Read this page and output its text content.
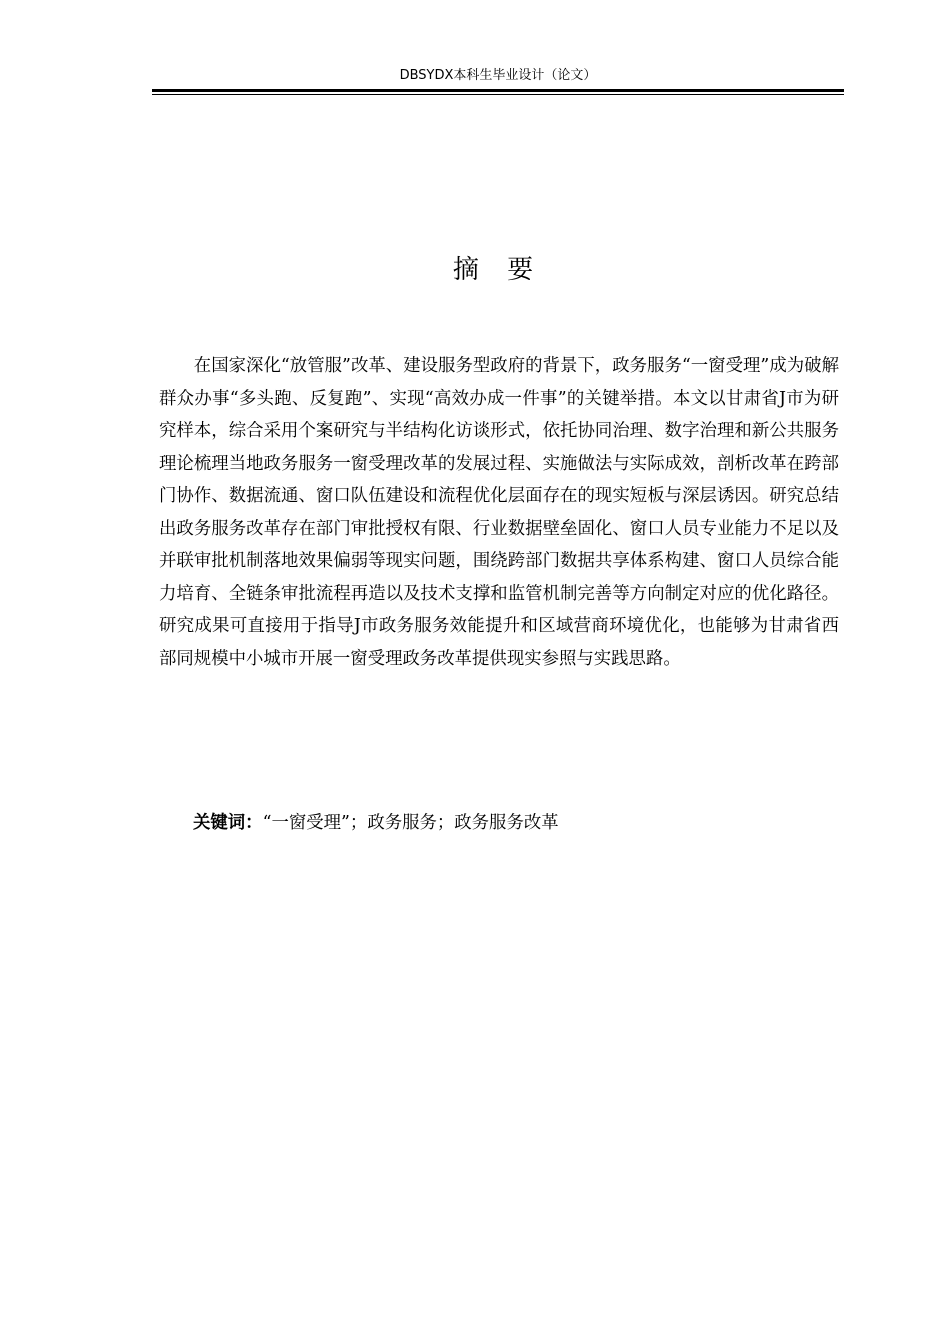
DBSYDX本科生毕业设计（论文）
摘 要

在国家深化“放管服”改革、建设服务型政府的背景下，政务服务“一窗受理”成为破解群众办事“多头跑、反复跑”、实现“高效办成一件事”的关键举措。本文以甘肃省J市为研究样本，综合采用个案研究与半结构化访谈形式，依托协同治理、数字治理和新公共服务理论梳理当地政务服务一窗受理改革的发展过程、实施做法与实际成效，剖析改革在跨部门协作、数据流通、窗口队伍建设和流程优化层面存在的现实短板与深层诱因。研究总结出政务服务改革存在部门审批授权有限、行业数据壁垒固化、窗口人员专业能力不足以及并联审批机制落地效果偏弱等现实问题，围绕跨部门数据共享体系构建、窗口人员综合能力培育、全链条审批流程再造以及技术支撑和监管机制完善等方向制定对应的优化路径。研究成果可直接用于指导J市政务服务效能提升和区域营商环境优化，也能够为甘肃省西部同规模中小城市开展一窗受理政务改革提供现实参照与实践思路。

关键词：“一窗受理”；政务服务；政务服务改革
